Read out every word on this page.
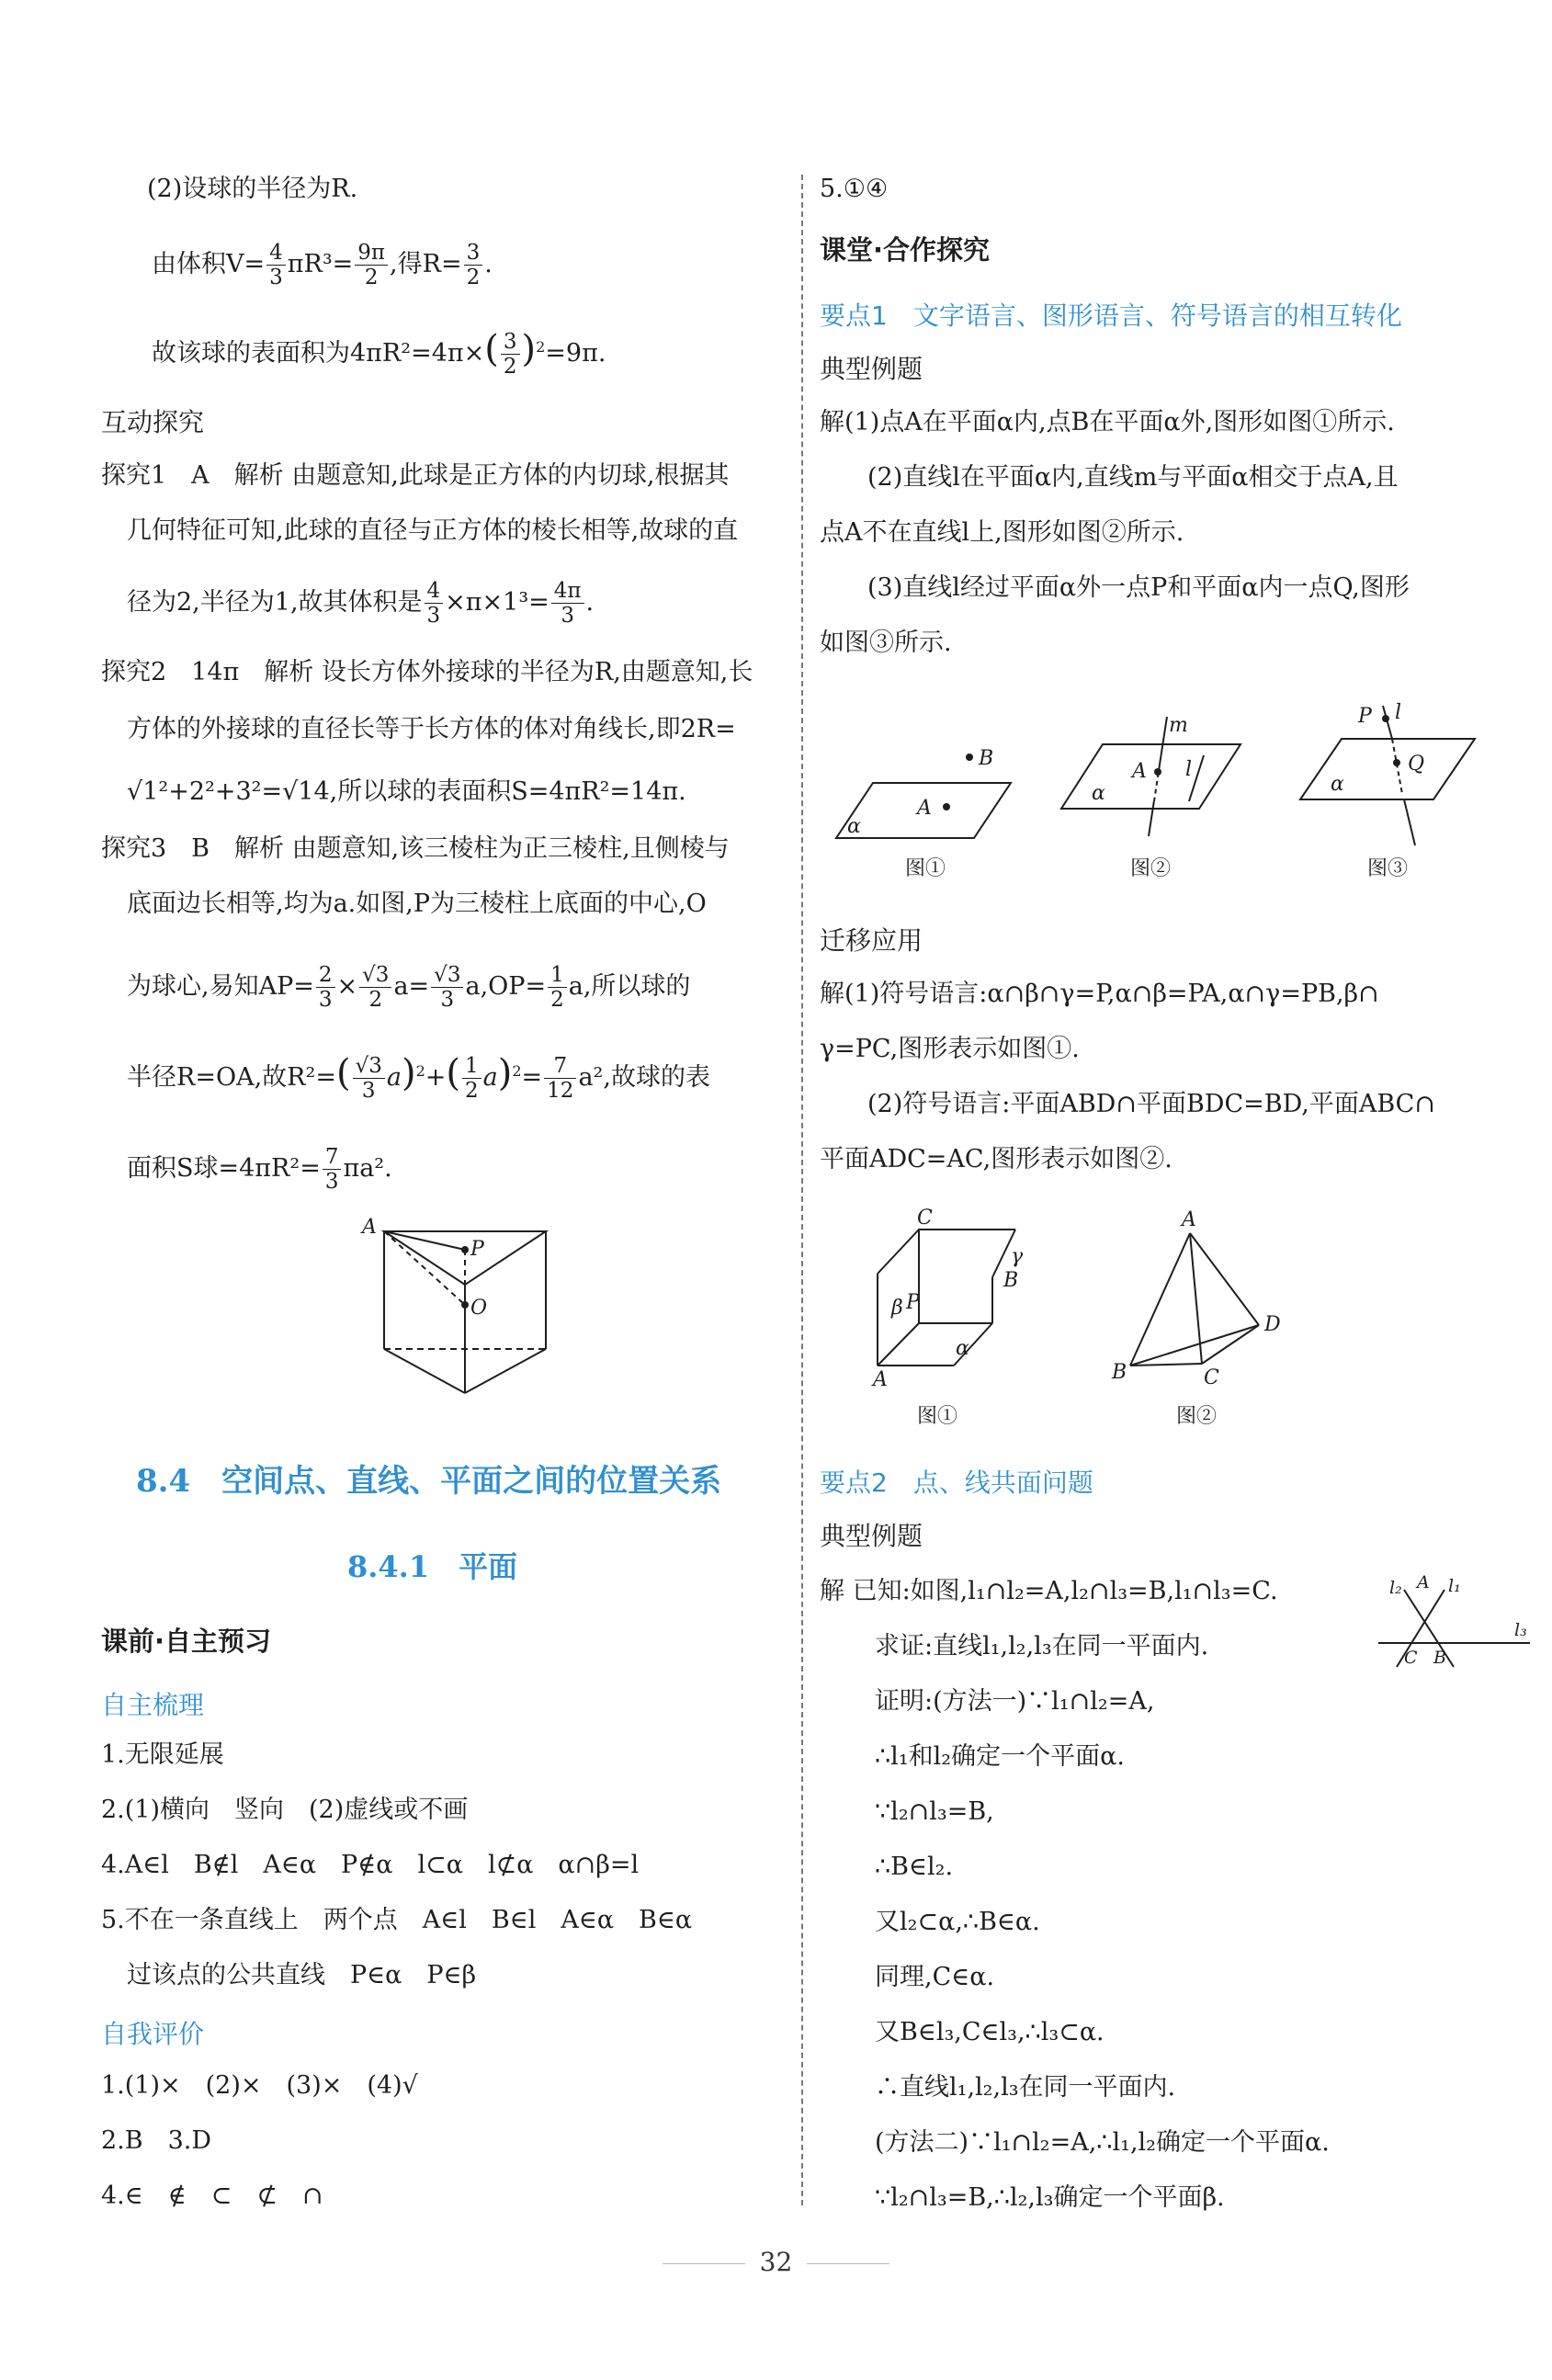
(2)设球的半径为R.
由体积$V= \frac{4}{3} \pi R^3= \frac{9\pi}{2}$ ,得$R= \frac{3}{2}$ .
故该球的表面积为$4\pi R^2=4\pi\times( \frac{3}{2} )^2=9\pi$.
互动探究
探究1　A　解析 由题意知,此球是正方体的内切球,根据其
几何特征可知,此球的直径与正方体的棱长相等,故球的直
径为2,半径为1,故其体积是 $\frac{4}{3} \times\pi\times 1^3= \frac{4\pi}{3}$ .
探究2　14π　解析 设长方体外接球的半径为R,由题意知,长
方体的外接球的直径长等于长方体的体对角线长,即2R=
√1²+2²+3²=√14,所以球的表面积S=4πR²=14π.
探究3　B　解析 由题意知,该三棱柱为正三棱柱,且侧棱与
底面边长相等,均为a.如图,P为三棱柱上底面的中心,O
为球心,易知$AP= \frac{2}{3} \times \frac{√3}{2} a= \frac{√3}{3} a,OP= \frac{1}{2} a$,所以球的
半径R=OA,故$R^2=( \frac{√3}{3} a)^2+( \frac{1}{2} a)^2= \frac{7}{12} a^2$,故球的表
面积S球$=4\pi R^2= \frac{7}{3} \pi a^2$.
A
P
O
8.4　空间点、直线、平面之间的位置关系
8.4.1　平面
课前·自主预习
自主梳理
1.无限延展
2.(1)横向　竖向　(2)虚线或不画
4.A∈l　B∉l　A∈α　P∉α　l⊂α　l⊄α　α∩β=l
5.不在一条直线上　两个点　A∈l　B∈l　A∈α　B∈α
过该点的公共直线　P∈α　P∈β
自我评价
1.(1)×　(2)×　(3)×　(4)√
2.B　3.D
4.∈　∉　⊂　⊄　∩
5.①④
课堂·合作探究
要点1　文字语言、图形语言、符号语言的相互转化
典型例题
解(1)点A在平面α内,点B在平面α外,图形如图①所示.
(2)直线l在平面α内,直线m与平面α相交于点A,且
点A不在直线l上,图形如图②所示.
(3)直线l经过平面α外一点P和平面α内一点Q,图形
如图③所示.
B
A
α
图①
m
A l
α
图②
P l
Q
α
图③
迁移应用
解(1)符号语言:α∩β∩γ=P,α∩β=PA,α∩γ=PB,β∩
γ=PC,图形表示如图①.
(2)符号语言:平面ABD∩平面BDC=BD,平面ABC∩
平面ADC=AC,图形表示如图②.
γ
B
C
β P
α
A
图①
A
D
B	C
图②
要点2　点、线共面问题
典型例题
解 已知:如图,l₁∩l₂=A,l₂∩l₃=B,l₁∩l₃=C.
求证:直线l₁,l₂,l₃在同一平面内.
证明:(方法一)∵l₁∩l₂=A,
∴l₁和l₂确定一个平面α.
∵l₂∩l₃=B,
∴B∈l₂.
又l₂⊂α,∴B∈α.
同理,C∈α.
又B∈l₃,C∈l₃,∴l₃⊂α.
∴直线l₁,l₂,l₃在同一平面内.
(方法二)∵l₁∩l₂=A,∴l₁,l₂确定一个平面α.
∵l₂∩l₃=B,∴l₂,l₃确定一个平面β.
l₂ A l₁
l₃
C B
32
